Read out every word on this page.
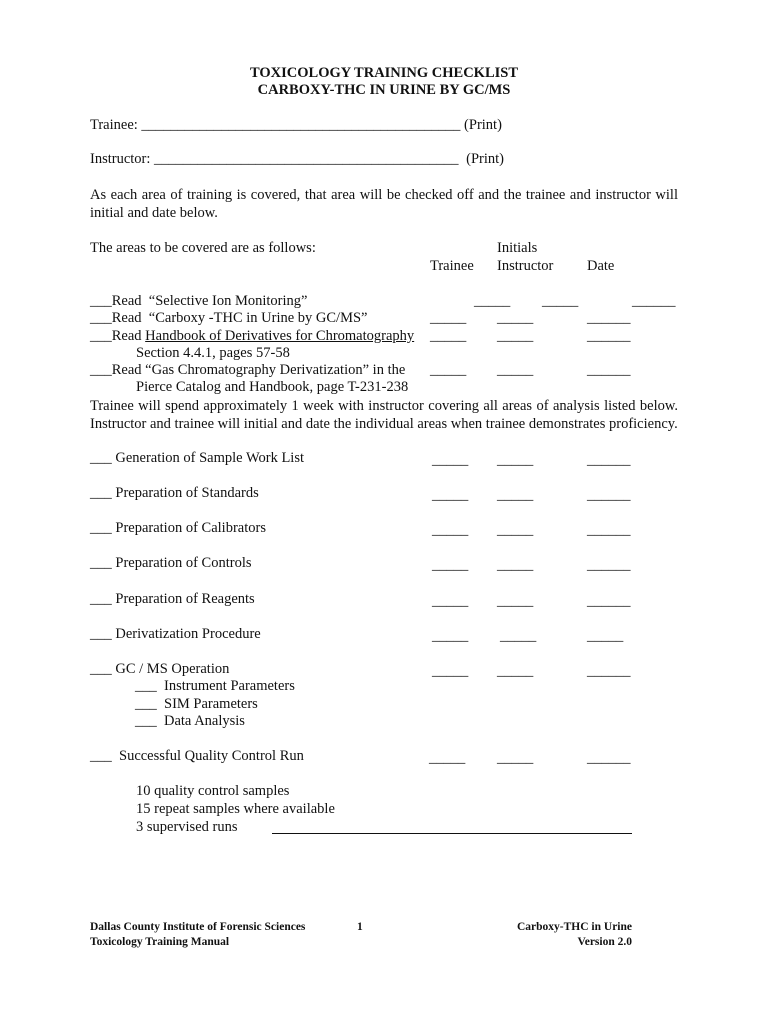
TOXICOLOGY TRAINING CHECKLIST
CARBOXY-THC IN URINE BY GC/MS
Trainee: ____________________________________________ (Print)
Instructor: __________________________________________ (Print)
As each area of training is covered, that area will be checked off and the trainee and instructor will initial and date below.
The areas to be covered are as follows:	Initials
Trainee Instructor Date
___Read “Selective Ion Monitoring”	_____ _____	______
___Read “Carboxy -THC in Urine by GC/MS”	_____ _____	______
___Read Handbook of Derivatives for Chromatography _____ _____	______
Section 4.4.1, pages 57-58
___Read “Gas Chromatography Derivatization” in the _____ _____	______
Pierce Catalog and Handbook, page T-231-238
Trainee will spend approximately 1 week with instructor covering all areas of analysis listed below. Instructor and trainee will initial and date the individual areas when trainee demonstrates proficiency.
___ Generation of Sample Work List	_____ _____	______
___ Preparation of Standards	_____ _____	______
___ Preparation of Calibrators	_____ _____	______
___ Preparation of Controls	_____ _____	______
___ Preparation of Reagents	_____ _____	______
___ Derivatization Procedure	_____ _____	_____
___ GC / MS Operation	_____ _____	______
___ Instrument Parameters
___ SIM Parameters
___ Data Analysis
___ Successful Quality Control Run	_____ _____	______
10 quality control samples
15 repeat samples where available
3 supervised runs
Dallas County Institute of Forensic Sciences
Toxicology Training Manual
1	Carboxy-THC in Urine
Version 2.0
